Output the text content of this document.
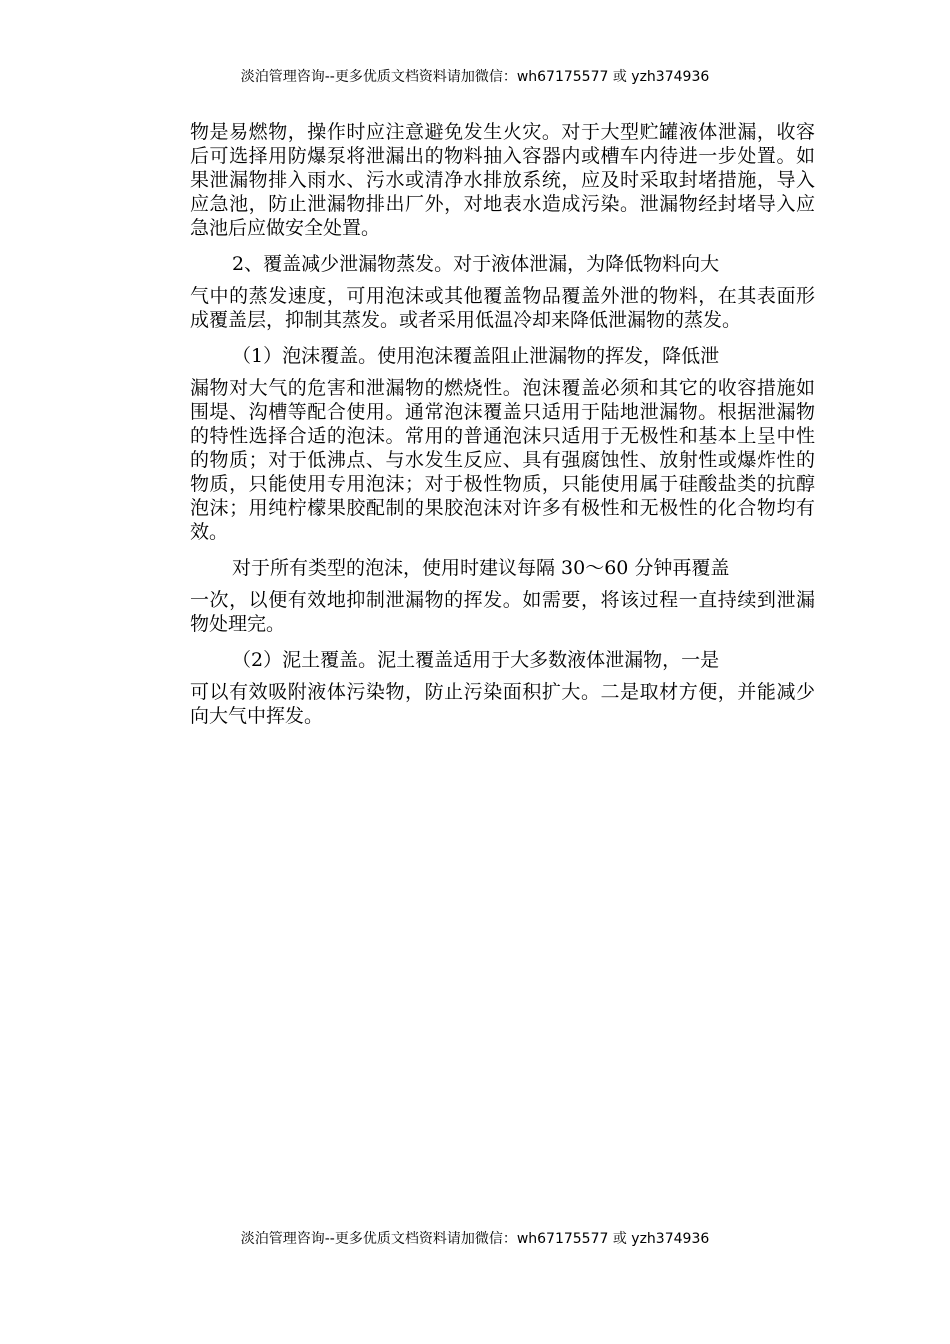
淡泊管理咨询--更多优质文档资料请加微信：wh67175577 或 yzh374936

物是易燃物，操作时应注意避免发生火灾。对于大型贮罐液体泄漏，收容后可选择用防爆泵将泄漏出的物料抽入容器内或槽车内待进一步处置。如果泄漏物排入雨水、污水或清净水排放系统，应及时采取封堵措施，导入应急池，防止泄漏物排出厂外，对地表水造成污染。泄漏物经封堵导入应急池后应做安全处置。

2、覆盖减少泄漏物蒸发。对于液体泄漏，为降低物料向大

气中的蒸发速度，可用泡沫或其他覆盖物品覆盖外泄的物料，在其表面形成覆盖层，抑制其蒸发。或者采用低温冷却来降低泄漏物的蒸发。

（1）泡沫覆盖。使用泡沫覆盖阻止泄漏物的挥发，降低泄

漏物对大气的危害和泄漏物的燃烧性。泡沫覆盖必须和其它的收容措施如围堤、沟槽等配合使用。通常泡沫覆盖只适用于陆地泄漏物。根据泄漏物的特性选择合适的泡沫。常用的普通泡沫只适用于无极性和基本上呈中性的物质；对于低沸点、与水发生反应、具有强腐蚀性、放射性或爆炸性的物质，只能使用专用泡沫；对于极性物质，只能使用属于硅酸盐类的抗醇泡沫；用纯柠檬果胶配制的果胶泡沫对许多有极性和无极性的化合物均有效。

对于所有类型的泡沫，使用时建议每隔 30～60 分钟再覆盖

一次，以便有效地抑制泄漏物的挥发。如需要，将该过程一直持续到泄漏物处理完。

（2）泥土覆盖。泥土覆盖适用于大多数液体泄漏物，一是

可以有效吸附液体污染物，防止污染面积扩大。二是取材方便，并能减少向大气中挥发。

淡泊管理咨询--更多优质文档资料请加微信：wh67175577 或 yzh374936
